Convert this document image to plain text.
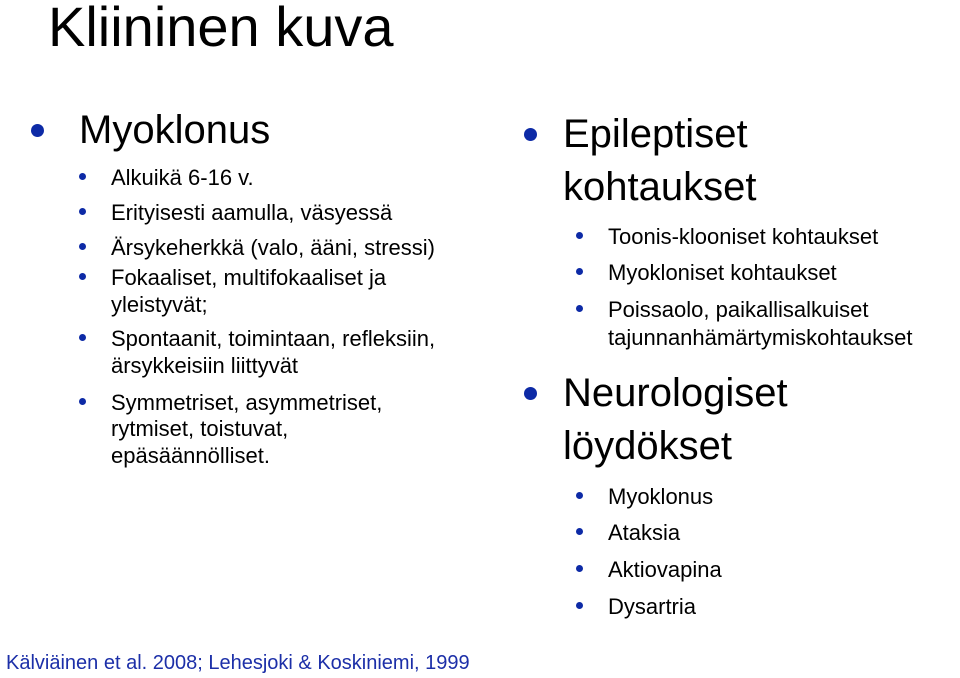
Kliininen kuva
Myoklonus
Alkuikä 6-16 v.
Erityisesti aamulla, väsyessä
Ärsykeherkkä (valo, ääni, stressi)
Fokaaliset, multifokaaliset ja
yleistyvät;
Spontaanit, toimintaan, refleksiin,
ärsykkeisiin liittyvät
Symmetriset, asymmetriset,
rytmiset, toistuvat,
epäsäännölliset.
Epileptiset
kohtaukset
Toonis-klooniset kohtaukset
Myokloniset kohtaukset
Poissaolo, paikallisalkuiset
tajunnanhämärtymiskohtaukset
Neurologiset
löydökset
Myoklonus
Ataksia
Aktiovapina
Dysartria
Kälviäinen et al. 2008; Lehesjoki & Koskiniemi, 1999
